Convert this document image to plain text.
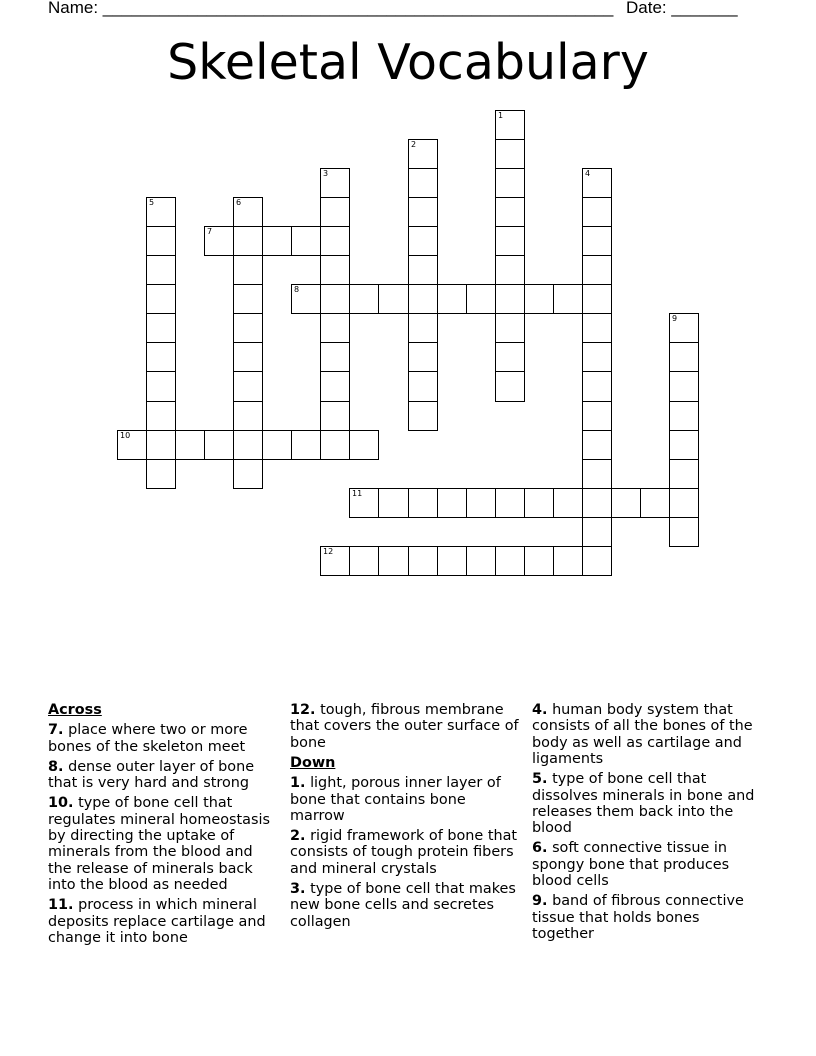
Name: ______________________________________________________ Date: _______
Skeletal Vocabulary
1
2
3	4
5	6
7
8
9
10
11
12
Across

7. place where two or more bones of the skeleton meet

8. dense outer layer of bone that is very hard and strong

10. type of bone cell that regulates mineral homeostasis by directing the uptake of minerals from the blood and the release of minerals back into the blood as needed

11. process in which mineral deposits replace cartilage and change it into bone

12. tough, fibrous membrane that covers the outer surface of bone

Down

1. light, porous inner layer of bone that contains bone marrow

2. rigid framework of bone that consists of tough protein fibers and mineral crystals

3. type of bone cell that makes new bone cells and secretes collagen

4. human body system that consists of all the bones of the body as well as cartilage and ligaments

5. type of bone cell that dissolves minerals in bone and releases them back into the blood

6. soft connective tissue in spongy bone that produces blood cells

9. band of fibrous connective tissue that holds bones together
